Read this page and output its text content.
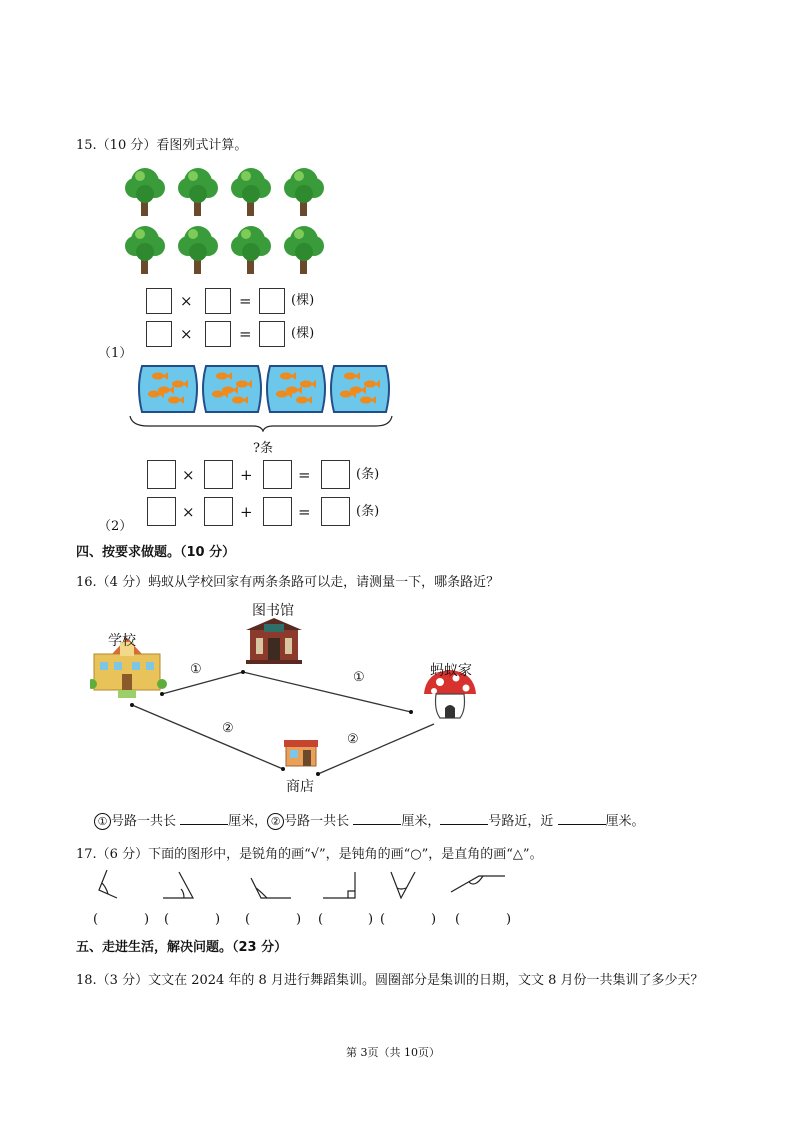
15.（10 分）看图列式计算。
×	=	(棵)
×	=	(棵)
（1）
?条
×	+	=	(条)
×	+	=	(条)
（2）
四、按要求做题。（10 分）
16.（4 分）蚂蚁从学校回家有两条条路可以走，请测量一下，哪条路近？
图书馆
学校
蚂蚁家
商店
①
①
②
②
① 号路一共长	厘米， ② 号路一共长	厘米，	号路近，近	厘米。
17.（6 分）下面的图形中，是锐角的画“√”，是钝角的画“○”，是直角的画“△”。
(	) (	) (	) (	) (	) (	)
五、走进生活，解决问题。（23 分）
18.（3 分）文文在 2024 年的 8 月进行舞蹈集训。圆圈部分是集训的日期，文文 8 月份一共集训了多少天？
第 3页（共 10页）
